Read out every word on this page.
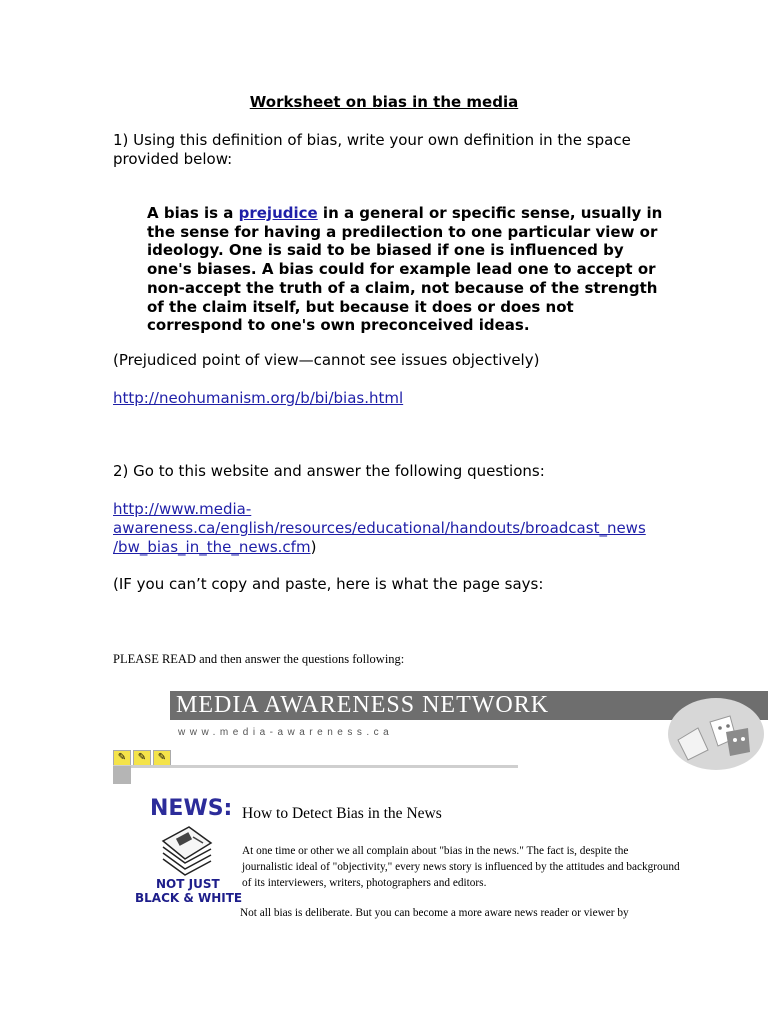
Worksheet on bias in the media
1) Using this definition of bias, write your own definition in the space provided below:
A bias is a prejudice in a general or specific sense, usually in the sense for having a predilection to one particular view or ideology. One is said to be biased if one is influenced by one's biases. A bias could for example lead one to accept or non-accept the truth of a claim, not because of the strength of the claim itself, but because it does or does not correspond to one's own preconceived ideas.
(Prejudiced point of view—cannot see issues objectively)
http://neohumanism.org/b/bi/bias.html
2) Go to this website and answer the following questions:
http://www.media-
awareness.ca/english/resources/educational/handouts/broadcast_news
/bw_bias_in_the_news.cfm)
(IF you can’t copy and paste, here is what the page says:
PLEASE READ and then answer the questions following:
MEDIA AWARENESS NETWORK
www.media-awareness.ca
✎	✎	✎
NEWS:
NOT JUST
BLACK & WHITE
How to Detect Bias in the News
At one time or other we all complain about "bias in the news." The fact is, despite the journalistic ideal of "objectivity," every news story is influenced by the attitudes and background of its interviewers, writers, photographers and editors.
Not all bias is deliberate. But you can become a more aware news reader or viewer by
